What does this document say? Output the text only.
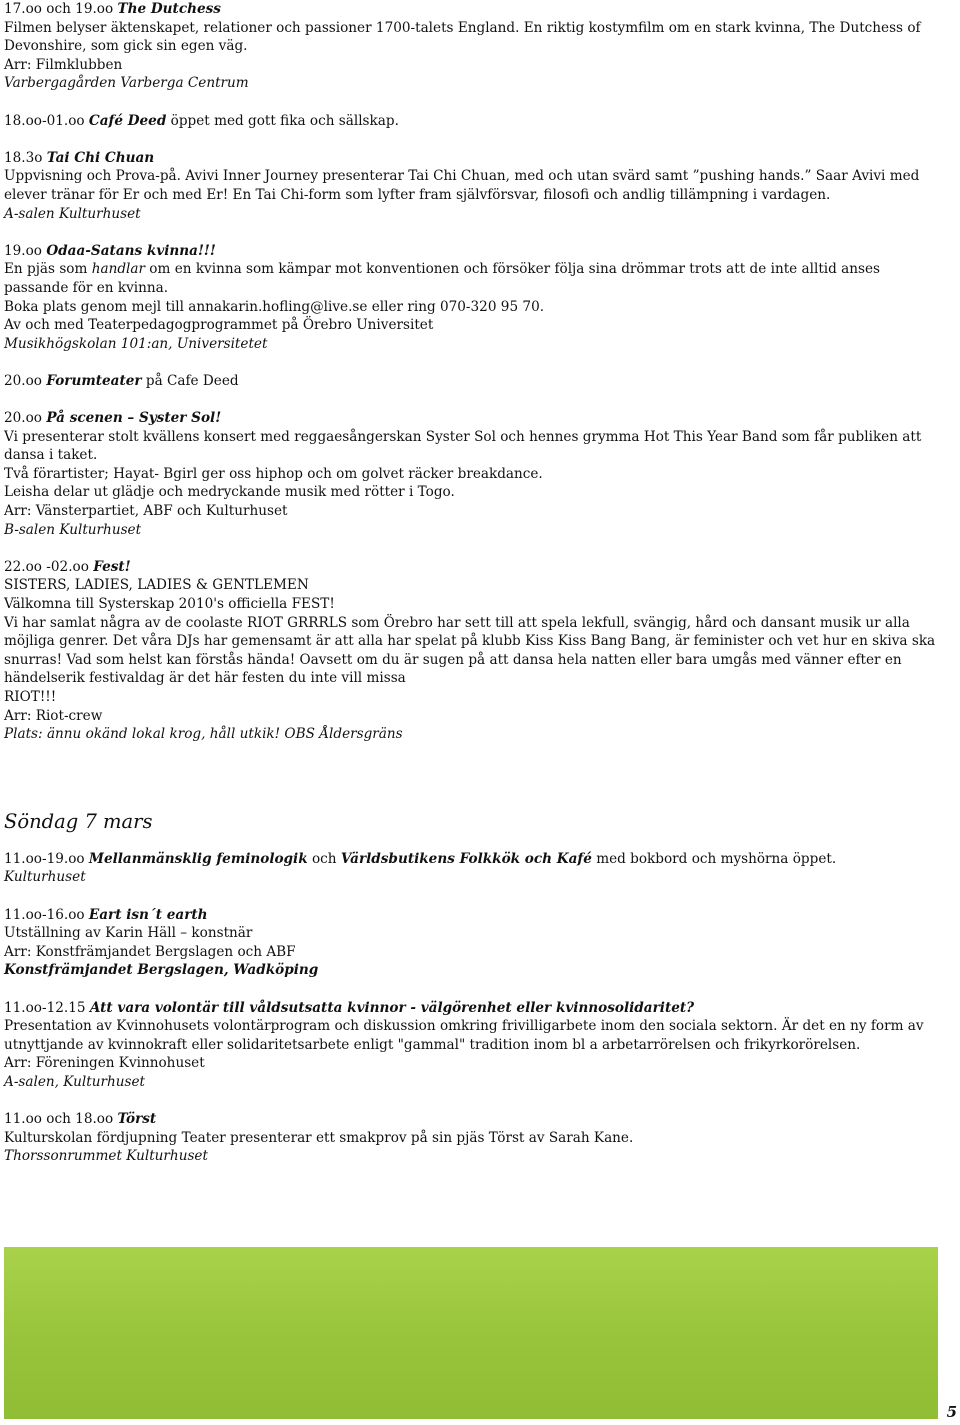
17.oo och 19.oo The Dutchess

Filmen belyser äktenskapet, relationer och passioner 1700-talets England. En riktig kostymfilm om en stark kvinna, The Dutchess of Devonshire, som gick sin egen väg.

Arr: Filmklubben

Varbergagården Varberga Centrum

18.oo-01.oo Café Deed öppet med gott fika och sällskap.

18.3o Tai Chi Chuan

Uppvisning och Prova-på. Avivi Inner Journey presenterar Tai Chi Chuan, med och utan svärd samt ”pushing hands.” Saar Avivi med elever tränar för Er och med Er! En Tai Chi-form som lyfter fram självförsvar, filosofi och andlig tillämpning i vardagen.

A-salen Kulturhuset

19.oo Odaa-Satans kvinna!!!

En pjäs som handlar om en kvinna som kämpar mot konventionen och försöker följa sina drömmar trots att de inte alltid anses passande för en kvinna.

Boka plats genom mejl till annakarin.hofling@live.se eller ring 070-320 95 70.

Av och med Teaterpedagogprogrammet på Örebro Universitet

Musikhögskolan 101:an, Universitetet

20.oo Forumteater på Cafe Deed

20.oo På scenen – Syster Sol!

Vi presenterar stolt kvällens konsert med reggaesångerskan Syster Sol och hennes grymma Hot This Year Band som får publiken att dansa i taket.

Två förartister; Hayat- Bgirl ger oss hiphop och om golvet räcker breakdance.

Leisha delar ut glädje och medryckande musik med rötter i Togo.

Arr: Vänsterpartiet, ABF och Kulturhuset

B-salen Kulturhuset

22.oo -02.oo Fest!

SISTERS, LADIES, LADIES & GENTLEMEN

Välkomna till Systerskap 2010's officiella FEST!

Vi har samlat några av de coolaste RIOT GRRRLS som Örebro har sett till att spela lekfull, svängig, hård och dansant musik ur alla möjliga genrer. Det våra DJs har gemensamt är att alla har spelat på klubb Kiss Kiss Bang Bang, är feminister och vet hur en skiva ska snurras! Vad som helst kan förstås hända! Oavsett om du är sugen på att dansa hela natten eller bara umgås med vänner efter en händelserik festivaldag är det här festen du inte vill missa

RIOT!!!

Arr: Riot-crew

Plats: ännu okänd lokal krog, håll utkik! OBS Åldersgräns

Söndag 7 mars

11.oo-19.oo Mellanmänsklig feminologik och Världsbutikens Folkkök och Kafé med bokbord och myshörna öppet.

Kulturhuset

11.oo-16.oo Eart isn´t earth

Utställning av Karin Häll – konstnär

Arr: Konstfrämjandet Bergslagen och ABF

Konstfrämjandet Bergslagen, Wadköping

11.oo-12.15 Att vara volontär till våldsutsatta kvinnor - välgörenhet eller kvinnosolidaritet?

Presentation av Kvinnohusets volontärprogram och diskussion omkring frivilligarbete inom den sociala sektorn. Är det en ny form av utnyttjande av kvinnokraft eller solidaritetsarbete enligt "gammal" tradition inom bl a arbetarrörelsen och frikyrkorörelsen.

Arr: Föreningen Kvinnohuset

A-salen, Kulturhuset

11.oo och 18.oo Törst

Kulturskolan fördjupning Teater presenterar ett smakprov på sin pjäs Törst av Sarah Kane.

Thorssonrummet Kulturhuset

5
